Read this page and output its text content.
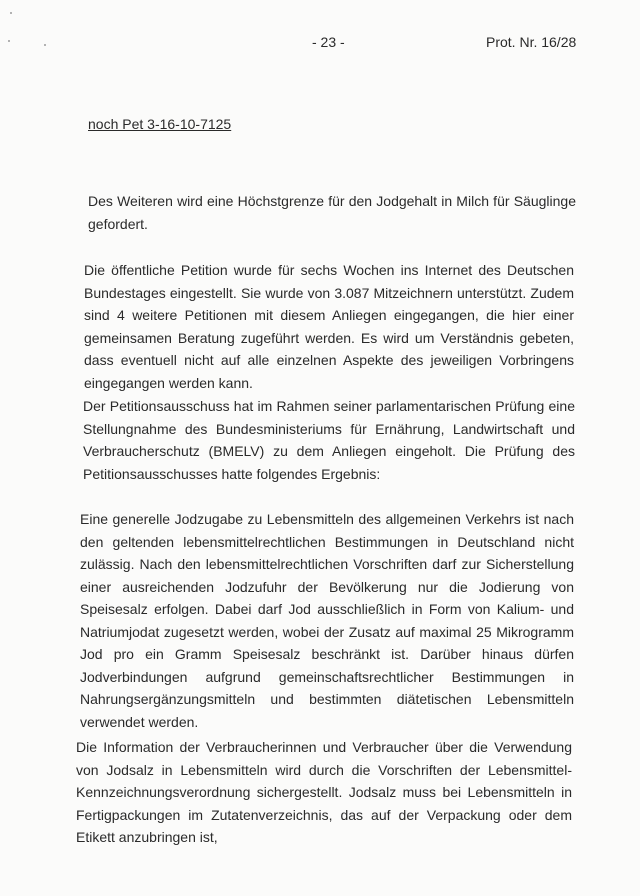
- 23 -	Prot. Nr. 16/28
noch Pet 3-16-10-7125

Des Weiteren wird eine Höchstgrenze für den Jodgehalt in Milch für Säuglinge gefordert.

Die öffentliche Petition wurde für sechs Wochen ins Internet des Deutschen Bundestages eingestellt. Sie wurde von 3.087 Mitzeichnern unterstützt. Zudem sind 4 weitere Petitionen mit diesem Anliegen eingegangen, die hier einer gemeinsamen Beratung zugeführt werden. Es wird um Verständnis gebeten, dass eventuell nicht auf alle einzelnen Aspekte des jeweiligen Vorbringens eingegangen werden kann.

Der Petitionsausschuss hat im Rahmen seiner parlamentarischen Prüfung eine Stellungnahme des Bundesministeriums für Ernährung, Landwirtschaft und Verbraucherschutz (BMELV) zu dem Anliegen eingeholt. Die Prüfung des Petitionsausschusses hatte folgendes Ergebnis:

Eine generelle Jodzugabe zu Lebensmitteln des allgemeinen Verkehrs ist nach den geltenden lebensmittelrechtlichen Bestimmungen in Deutschland nicht zulässig. Nach den lebensmittelrechtlichen Vorschriften darf zur Sicherstellung einer ausreichenden Jodzufuhr der Bevölkerung nur die Jodierung von Speisesalz erfolgen. Dabei darf Jod ausschließlich in Form von Kalium- und Natriumjodat zugesetzt werden, wobei der Zusatz auf maximal 25 Mikrogramm Jod pro ein Gramm Speisesalz beschränkt ist. Darüber hinaus dürfen Jodverbindungen aufgrund gemeinschaftsrechtlicher Bestimmungen in Nahrungsergänzungsmitteln und bestimmten diätetischen Lebensmitteln verwendet werden.

Die Information der Verbraucherinnen und Verbraucher über die Verwendung von Jodsalz in Lebensmitteln wird durch die Vorschriften der Lebensmittel-Kennzeichnungsverordnung sichergestellt. Jodsalz muss bei Lebensmitteln in Fertigpackungen im Zutatenverzeichnis, das auf der Verpackung oder dem Etikett anzubringen ist,
